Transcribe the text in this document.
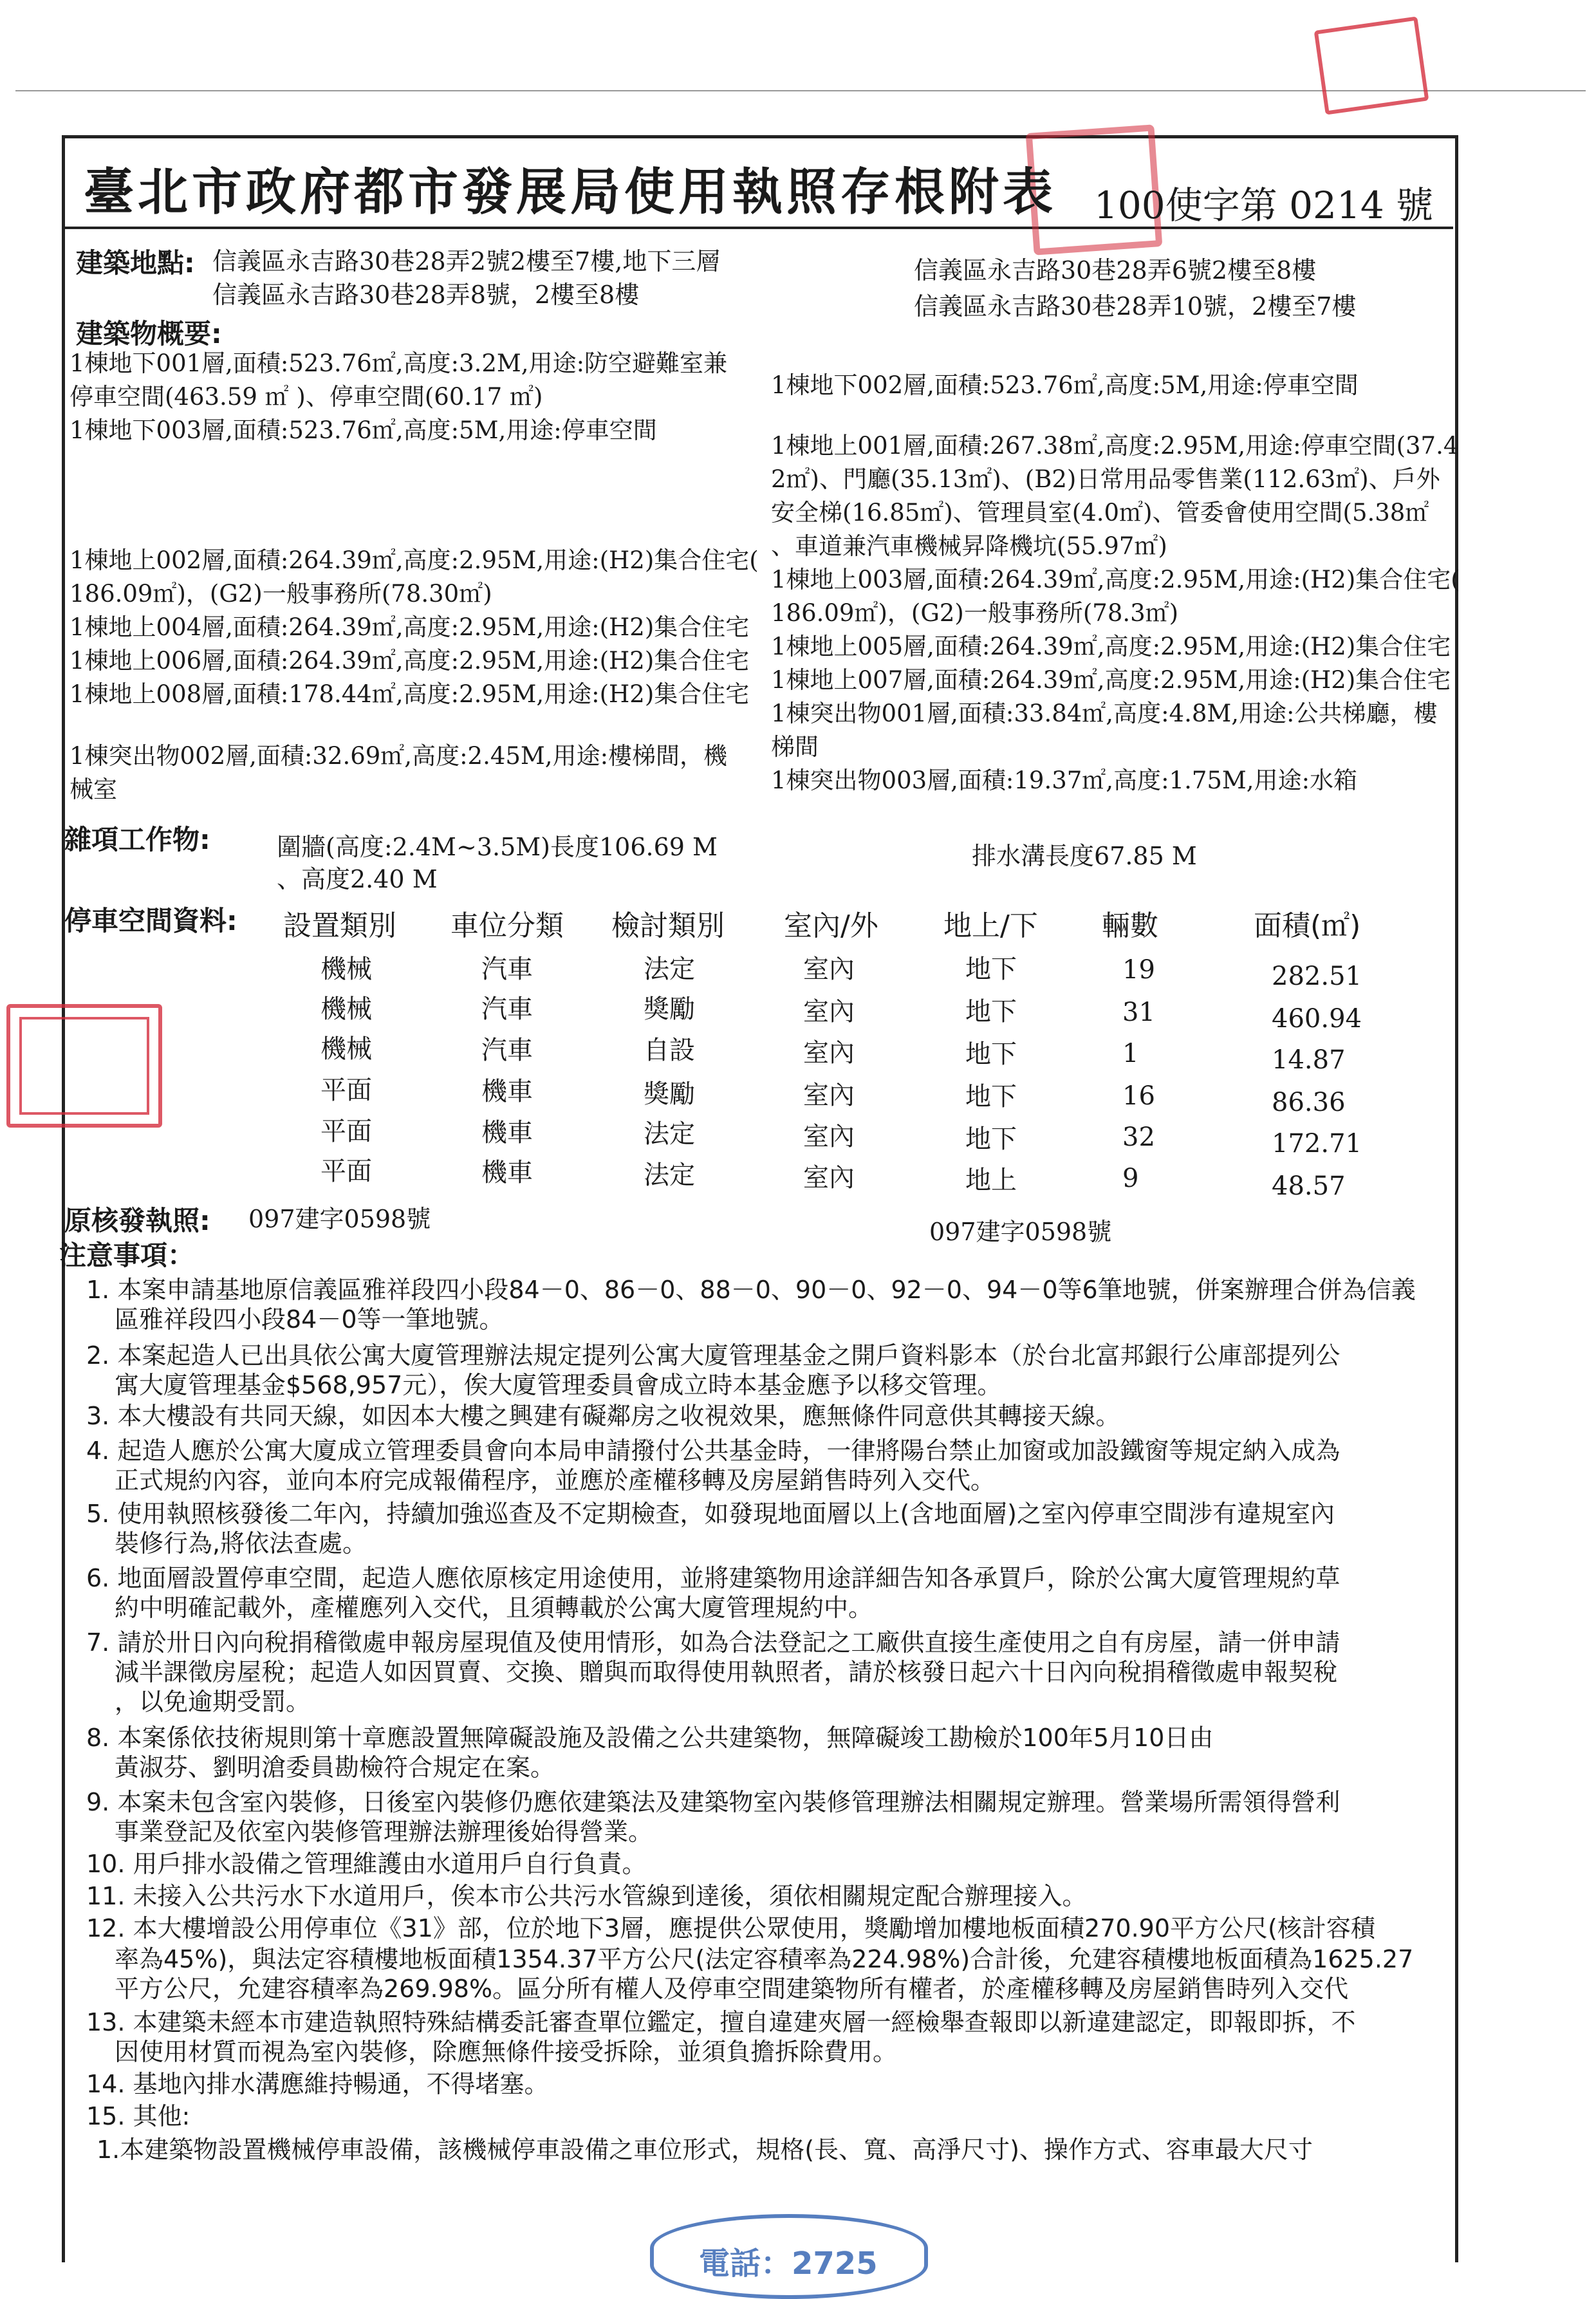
臺北市政府都市發展局使用執照存根附表 100使字第 0214 號
建築地點: 信義區永吉路30巷28弄2號2樓至7樓,地下三層
信義區永吉路30巷28弄8號，2樓至8樓
信義區永吉路30巷28弄6號2樓至8樓
信義區永吉路30巷28弄10號，2樓至7樓
建築物概要:
1棟地下001層,面積:523.76㎡,高度:3.2M,用途:防空避難室兼
停車空間(463.59 ㎡ )、停車空間(60.17 ㎡)
1棟地下003層,面積:523.76㎡,高度:5M,用途:停車空間
1棟地上002層,面積:264.39㎡,高度:2.95M,用途:(H2)集合住宅(
186.09㎡)，(G2)一般事務所(78.30㎡)
1棟地上004層,面積:264.39㎡,高度:2.95M,用途:(H2)集合住宅
1棟地上006層,面積:264.39㎡,高度:2.95M,用途:(H2)集合住宅
1棟地上008層,面積:178.44㎡,高度:2.95M,用途:(H2)集合住宅
1棟突出物002層,面積:32.69㎡,高度:2.45M,用途:樓梯間，機
械室
1棟地下002層,面積:523.76㎡,高度:5M,用途:停車空間
1棟地上001層,面積:267.38㎡,高度:2.95M,用途:停車空間(37.4
2㎡)、門廳(35.13㎡)、(B2)日常用品零售業(112.63㎡)、戶外
安全梯(16.85㎡)、管理員室(4.0㎡)、管委會使用空間(5.38㎡
、車道兼汽車機械昇降機坑(55.97㎡)
1棟地上003層,面積:264.39㎡,高度:2.95M,用途:(H2)集合住宅(
186.09㎡)，(G2)一般事務所(78.3㎡)
1棟地上005層,面積:264.39㎡,高度:2.95M,用途:(H2)集合住宅
1棟地上007層,面積:264.39㎡,高度:2.95M,用途:(H2)集合住宅
1棟突出物001層,面積:33.84㎡,高度:4.8M,用途:公共梯廳，樓
梯間
1棟突出物003層,面積:19.37㎡,高度:1.75M,用途:水箱
雜項工作物:	圍牆(高度:2.4M~3.5M)長度106.69 M
、高度2.40 M
排水溝長度67.85 M
停車空間資料: 設置類別 車位分類 檢討類別 室內/外 地上/下 輛數	面積(㎡)
機械	汽車	法定	室內	地下	19	282.51
機械	汽車	獎勵	室內	地下	31	460.94
機械	汽車	自設	室內	地下	1	14.87
平面	機車	獎勵	室內	地下	16	86.36
平面	機車	法定	室內	地下	32	172.71
平面	機車	法定	室內	地上	9	48.57
原核發執照: 097建字0598號	097建字0598號
注意事項：
1. 本案申請基地原信義區雅祥段四小段84－0、86－0、88－0、90－0、92－0、94－0等6筆地號，併案辦理合併為信義
區雅祥段四小段84－0等一筆地號。
2. 本案起造人已出具依公寓大廈管理辦法規定提列公寓大廈管理基金之開戶資料影本（於台北富邦銀行公庫部提列公
寓大廈管理基金$568,957元），俟大廈管理委員會成立時本基金應予以移交管理。
3. 本大樓設有共同天線，如因本大樓之興建有礙鄰房之收視效果，應無條件同意供其轉接天線。
4. 起造人應於公寓大廈成立管理委員會向本局申請撥付公共基金時，一律將陽台禁止加窗或加設鐵窗等規定納入成為
正式規約內容，並向本府完成報備程序，並應於產權移轉及房屋銷售時列入交代。
5. 使用執照核發後二年內，持續加強巡查及不定期檢查，如發現地面層以上(含地面層)之室內停車空間涉有違規室內
裝修行為,將依法查處。
6. 地面層設置停車空間，起造人應依原核定用途使用，並將建築物用途詳細告知各承買戶，除於公寓大廈管理規約草
約中明確記載外，產權應列入交代，且須轉載於公寓大廈管理規約中。
7. 請於卅日內向稅捐稽徵處申報房屋現值及使用情形，如為合法登記之工廠供直接生產使用之自有房屋，請一併申請
減半課徵房屋稅；起造人如因買賣、交換、贈與而取得使用執照者，請於核發日起六十日內向稅捐稽徵處申報契稅
，以免逾期受罰。
8. 本案係依技術規則第十章應設置無障礙設施及設備之公共建築物，無障礙竣工勘檢於100年5月10日由
黃淑芬、劉明滄委員勘檢符合規定在案。
9. 本案未包含室內裝修，日後室內裝修仍應依建築法及建築物室內裝修管理辦法相關規定辦理。營業場所需領得營利
事業登記及依室內裝修管理辦法辦理後始得營業。
10. 用戶排水設備之管理維護由水道用戶自行負責。
11. 未接入公共污水下水道用戶，俟本市公共污水管線到達後，須依相關規定配合辦理接入。
12. 本大樓增設公用停車位《31》部，位於地下3層，應提供公眾使用，獎勵增加樓地板面積270.90平方公尺(核計容積
率為45%)，與法定容積樓地板面積1354.37平方公尺(法定容積率為224.98%)合計後，允建容積樓地板面積為1625.27
平方公尺，允建容積率為269.98%。區分所有權人及停車空間建築物所有權者，於產權移轉及房屋銷售時列入交代
13. 本建築未經本市建造執照特殊結構委託審查單位鑑定，擅自違建夾層一經檢舉查報即以新違建認定，即報即拆，不
因使用材質而視為室內裝修，除應無條件接受拆除，並須負擔拆除費用。
14. 基地內排水溝應維持暢通，不得堵塞。
15. 其他:
1.本建築物設置機械停車設備，該機械停車設備之車位形式，規格(長、寬、高淨尺寸)、操作方式、容車最大尺寸
電話：2725
